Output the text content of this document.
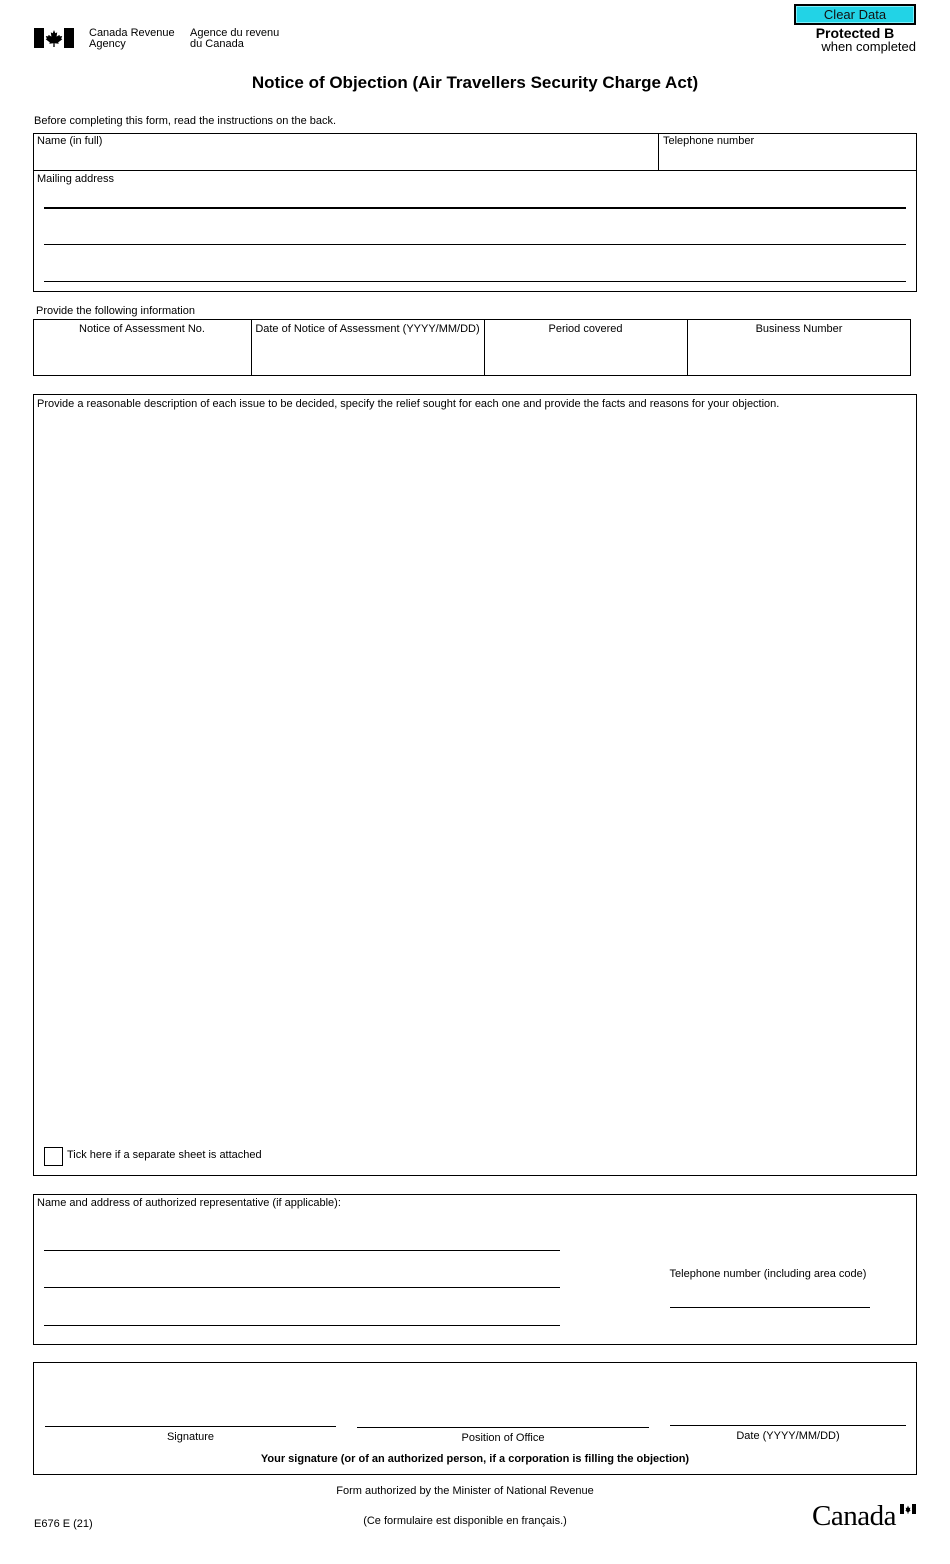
Canada Revenue
Agency
Agence du revenu
du Canada
Clear Data
Protected B
when completed
Notice of Objection (Air Travellers Security Charge Act)
Before completing this form, read the instructions on the back.
Name (in full)	Telephone number
Mailing address
Provide the following information
Notice of Assessment No.	Date of Notice of Assessment (YYYY/MM/DD)	Period covered	Business Number
Provide a reasonable description of each issue to be decided, specify the relief sought for each one and provide the facts and reasons for your objection.
Tick here if a separate sheet is attached
Name and address of authorized representative (if applicable):
Telephone number (including area code)
Signature	Position of Office	Date (YYYY/MM/DD)
Your signature (or of an authorized person, if a corporation is filling the objection)
Form authorized by the Minister of National Revenue
E676 E (21)	(Ce formulaire est disponible en français.)	Canada
